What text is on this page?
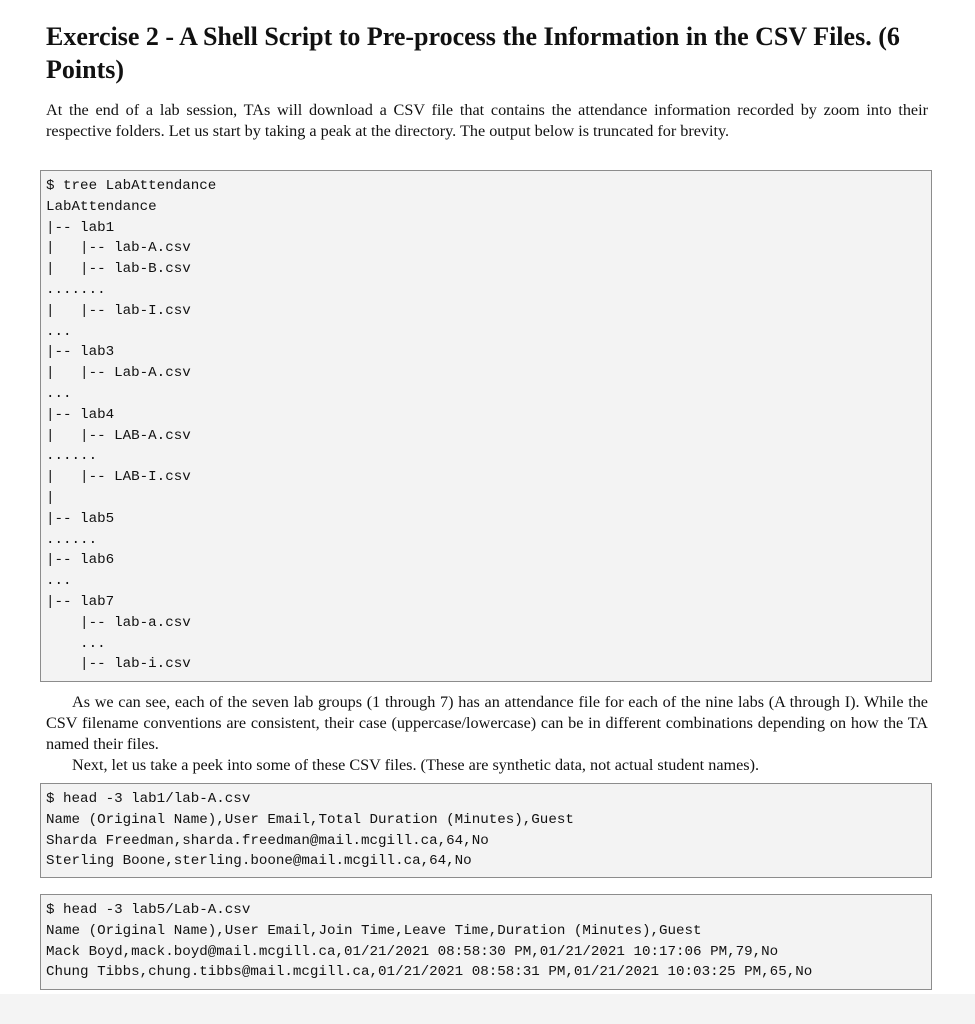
Exercise 2 - A Shell Script to Pre-process the Information in the CSV Files. (6 Points)

At the end of a lab session, TAs will download a CSV file that contains the attendance information recorded by zoom into their respective folders. Let us start by taking a peak at the directory. The output below is truncated for brevity.

$ tree LabAttendance
LabAttendance
|-- lab1
|   |-- lab-A.csv
|   |-- lab-B.csv
.......
|   |-- lab-I.csv
...
|-- lab3
|   |-- Lab-A.csv
...
|-- lab4
|   |-- LAB-A.csv
......
|   |-- LAB-I.csv
|
|-- lab5
......
|-- lab6
...
|-- lab7
|-- lab-a.csv
...
|-- lab-i.csv

As we can see, each of the seven lab groups (1 through 7) has an attendance file for each of the nine labs (A through I). While the CSV filename conventions are consistent, their case (uppercase/lowercase) can be in different combinations depending on how the TA named their files.

Next, let us take a peek into some of these CSV files. (These are synthetic data, not actual student names).

$ head -3 lab1/lab-A.csv
Name (Original Name),User Email,Total Duration (Minutes),Guest
Sharda Freedman,sharda.freedman@mail.mcgill.ca,64,No
Sterling Boone,sterling.boone@mail.mcgill.ca,64,No
$ head -3 lab5/Lab-A.csv
Name (Original Name),User Email,Join Time,Leave Time,Duration (Minutes),Guest
Mack Boyd,mack.boyd@mail.mcgill.ca,01/21/2021 08:58:30 PM,01/21/2021 10:17:06 PM,79,No
Chung Tibbs,chung.tibbs@mail.mcgill.ca,01/21/2021 08:58:31 PM,01/21/2021 10:03:25 PM,65,No
